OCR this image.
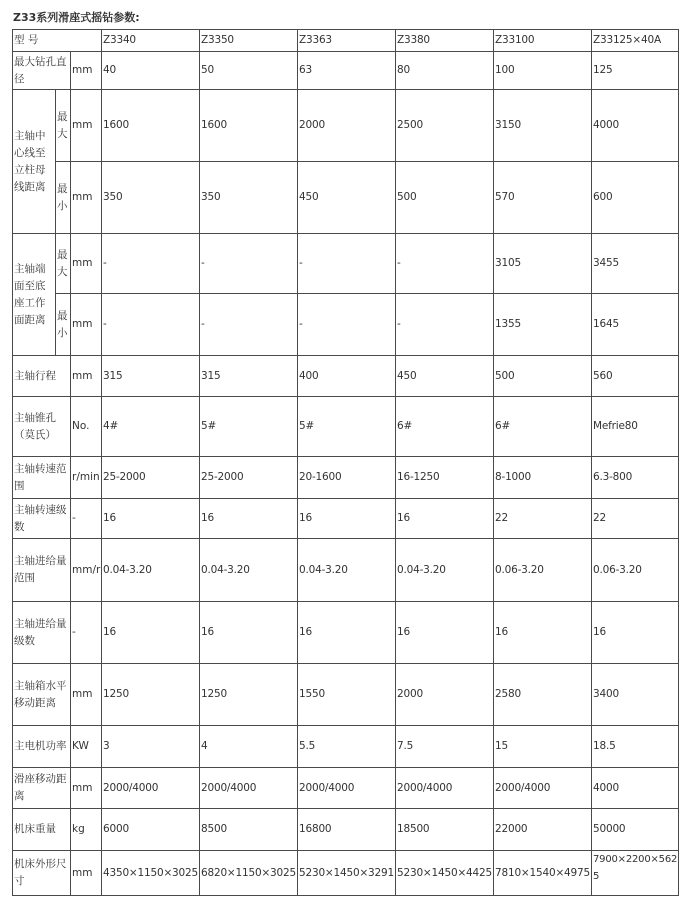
Z33系列滑座式摇钻参数:
型 号			Z3340	Z3350	Z3363	Z3380	Z33100	Z33125×40A
最大钻孔直径		mm	40	50	63	80	100	125
主轴中心线至立柱母线距离	最大	mm	1600	1600	2000	2500	3150	4000
	最小	mm	350	350	450	500	570	600
主轴端面至底座工作面距离	最大	mm	-	-	-	-	3105	3455
	最小	mm	-	-	-	-	1355	1645
主轴行程		mm	315	315	400	450	500	560
主轴锥孔（莫氏）		No.	4#	5#	5#	6#	6#	Mefrie80
主轴转速范围		r/min	25-2000	25-2000	20-1600	16-1250	8-1000	6.3-800
主轴转速级数		-	16	16	16	16	22	22
主轴进给量范围		mm/r	0.04-3.20	0.04-3.20	0.04-3.20	0.04-3.20	0.06-3.20	0.06-3.20
主轴进给量级数		-	16	16	16	16	16	16
主轴箱水平移动距离		mm	1250	1250	1550	2000	2580	3400
主电机功率		KW	3	4	5.5	7.5	15	18.5
滑座移动距离		mm	2000/4000	2000/4000	2000/4000	2000/4000	2000/4000	4000
机床重量		kg	6000	8500	16800	18500	22000	50000
机床外形尺寸		mm	4350×1150×3025	6820×1150×3025	5230×1450×3291	5230×1450×4425	7810×1540×4975	7900×2200×5625
